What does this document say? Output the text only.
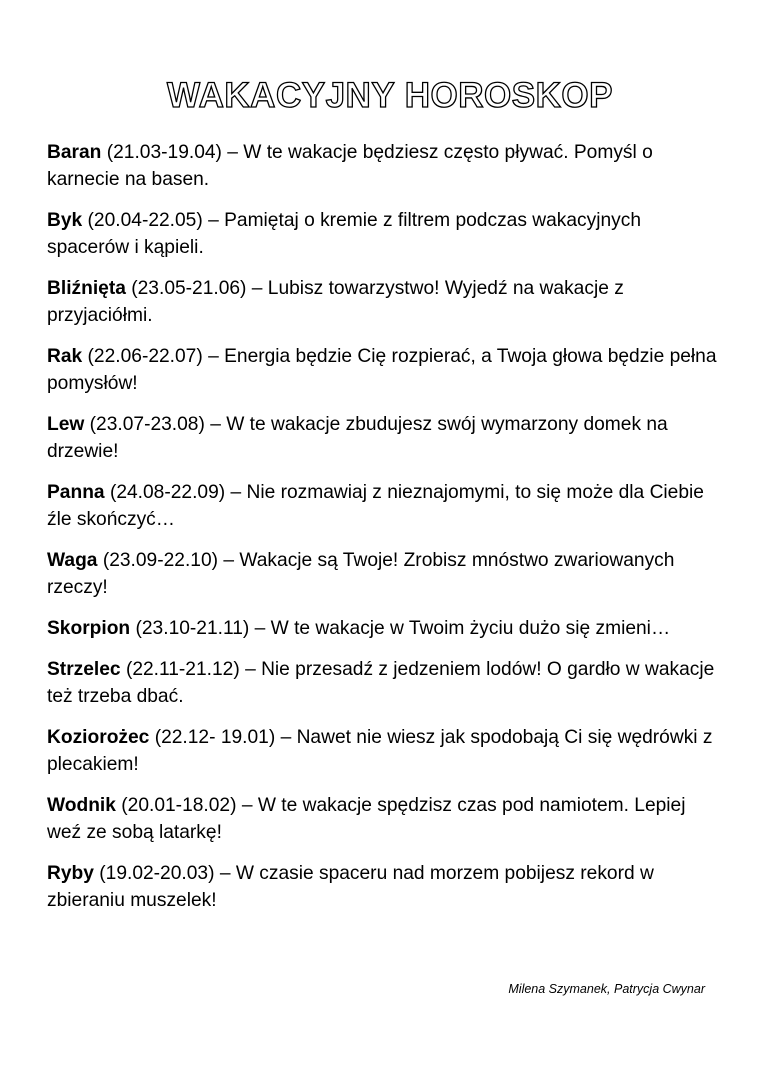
WAKACYJNY HOROSKOP

Baran (21.03-19.04) – W te wakacje będziesz często pływać. Pomyśl o karnecie na basen.

Byk (20.04-22.05) – Pamiętaj o kremie z filtrem podczas wakacyjnych spacerów i kąpieli.

Bliźnięta (23.05-21.06) – Lubisz towarzystwo! Wyjedź na wakacje z przyjaciółmi.

Rak (22.06-22.07) – Energia będzie Cię rozpierać, a Twoja głowa będzie pełna pomysłów!

Lew (23.07-23.08) – W te wakacje zbudujesz swój wymarzony domek na drzewie!

Panna (24.08-22.09) – Nie rozmawiaj z nieznajomymi, to się może dla Ciebie źle skończyć…

Waga (23.09-22.10) – Wakacje są Twoje! Zrobisz mnóstwo zwariowanych rzeczy!

Skorpion (23.10-21.11) – W te wakacje w Twoim życiu dużo się zmieni…

Strzelec (22.11-21.12) – Nie przesadź z jedzeniem lodów! O gardło w wakacje też trzeba dbać.

Koziorożec (22.12- 19.01) – Nawet nie wiesz jak spodobają Ci się wędrówki z plecakiem!

Wodnik (20.01-18.02) – W te wakacje spędzisz czas pod namiotem. Lepiej weź ze sobą latarkę!

Ryby (19.02-20.03) – W czasie spaceru nad morzem pobijesz rekord w zbieraniu muszelek!

Milena Szymanek, Patrycja Cwynar
